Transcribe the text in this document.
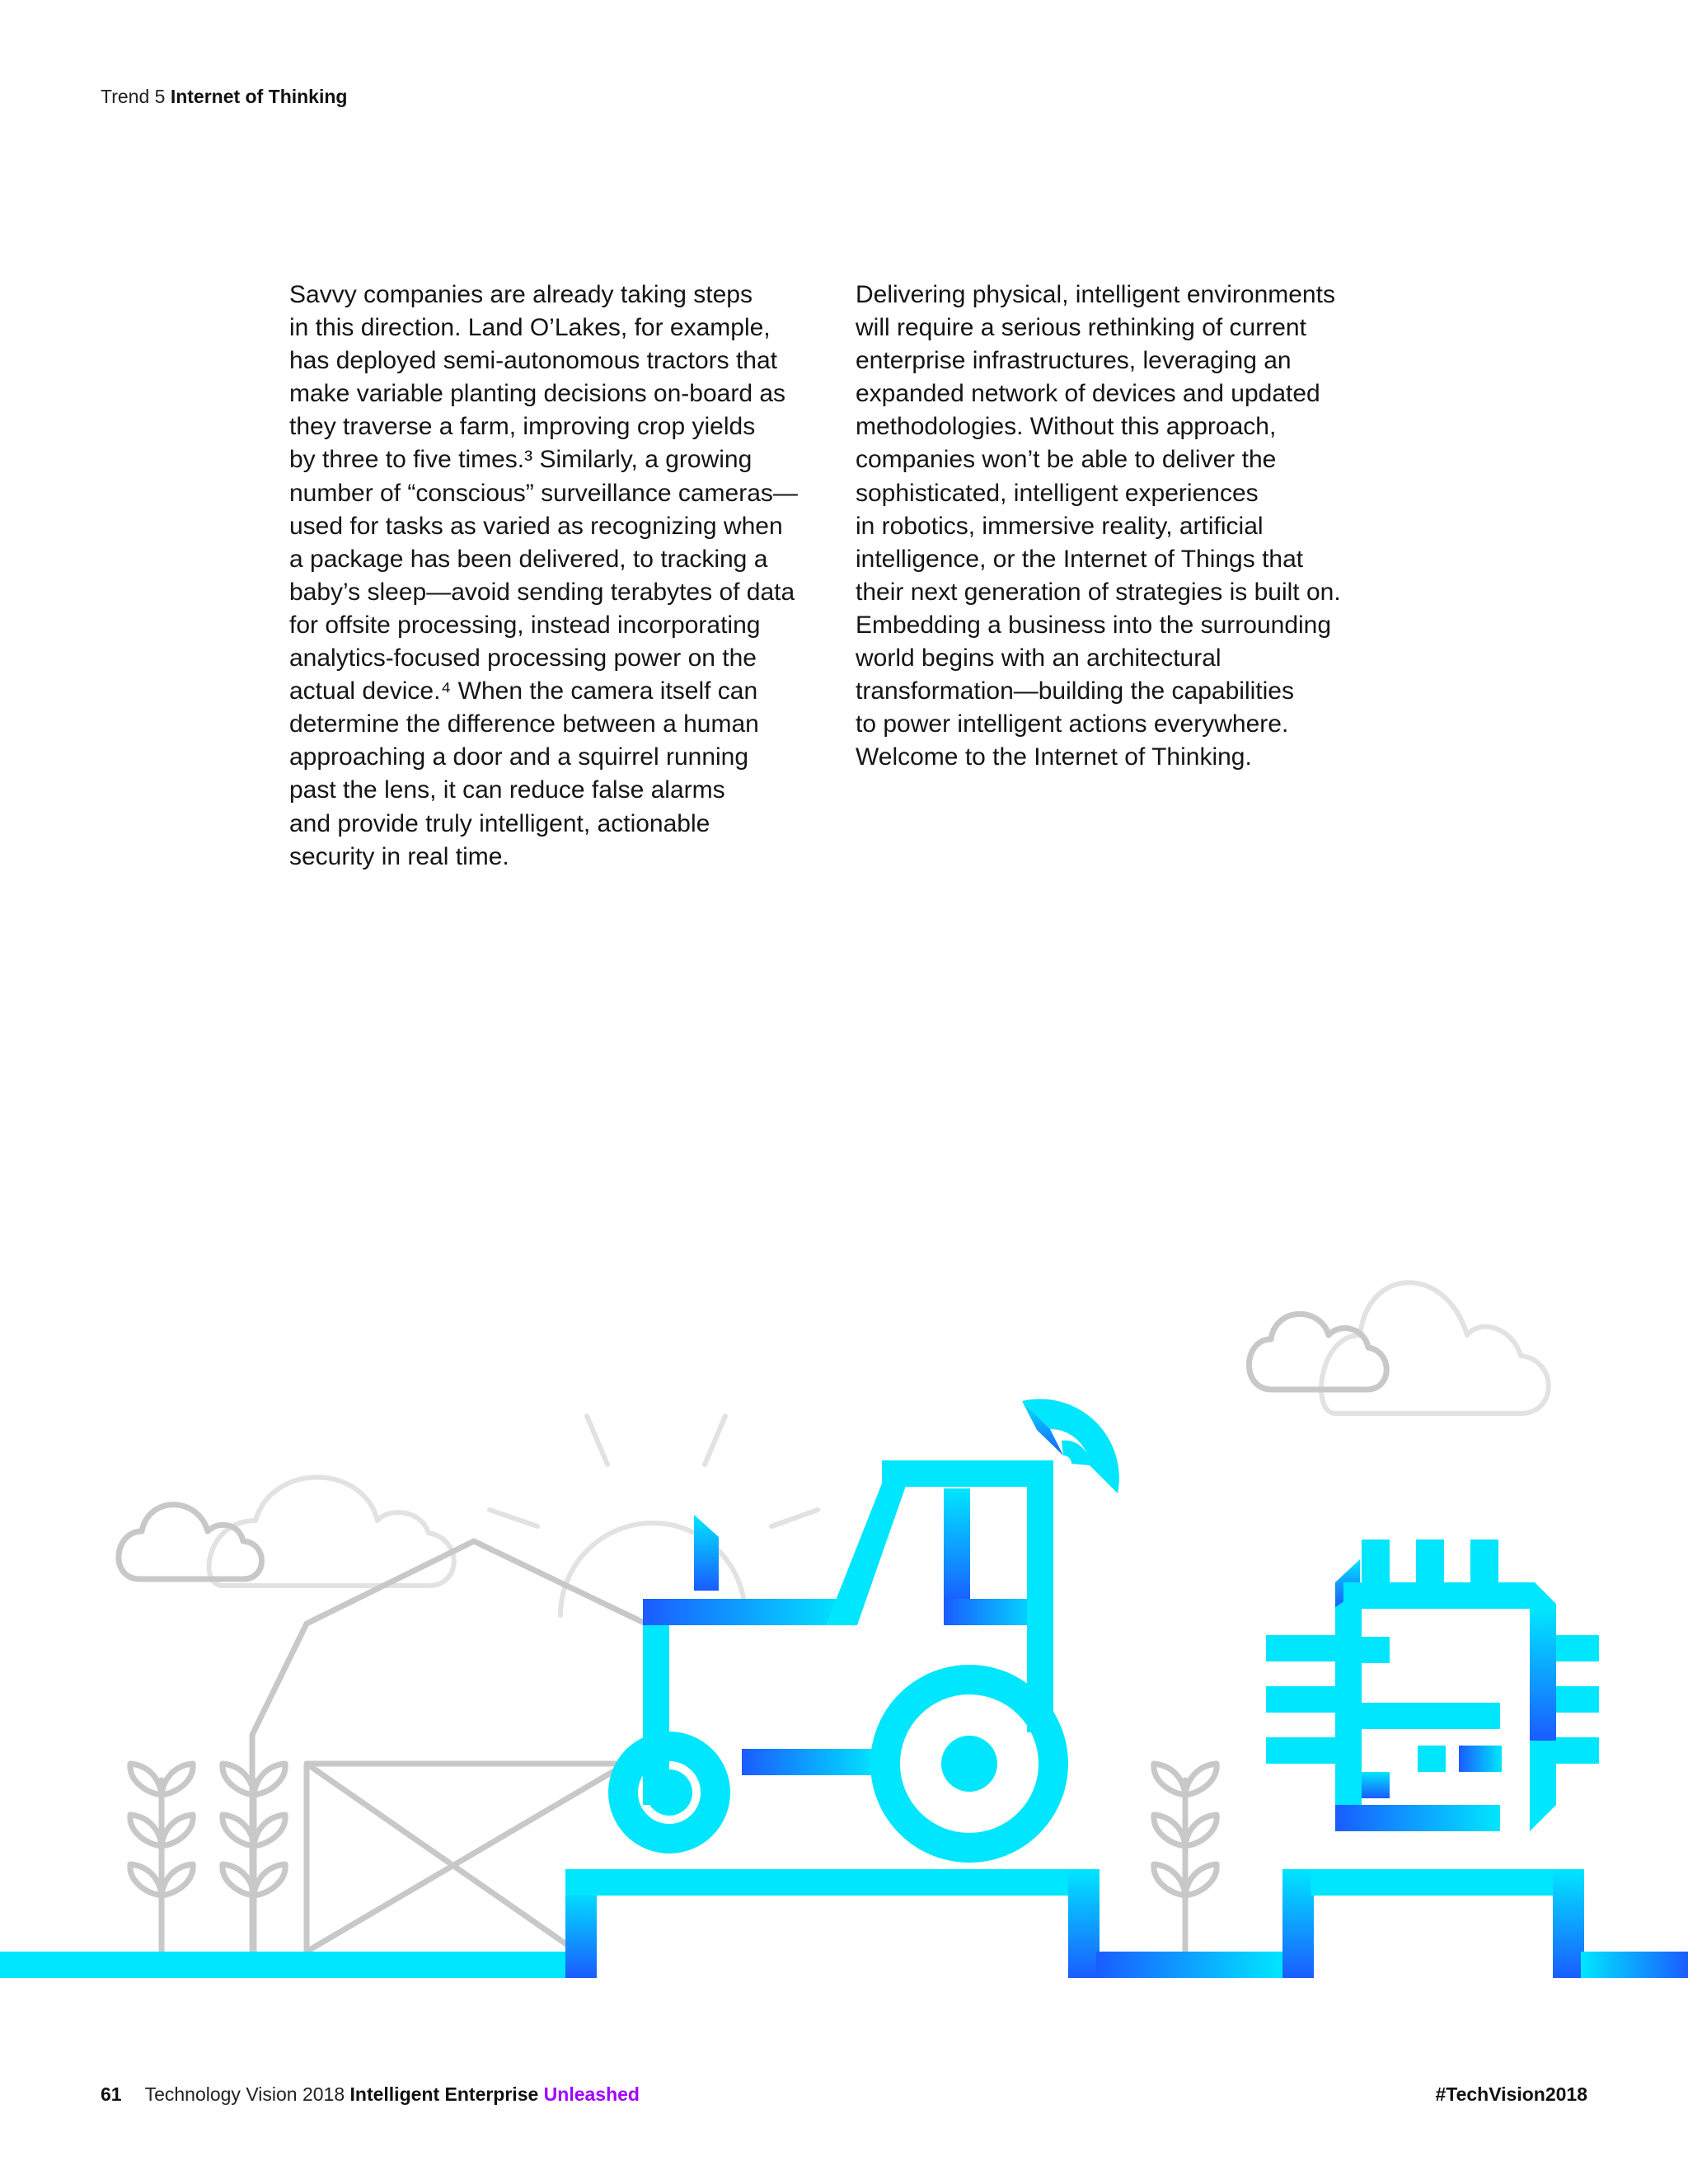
Trend 5 Internet of Thinking
Savvy companies are already taking steps
in this direction. Land O’Lakes, for example,
has deployed semi-autonomous tractors that
make variable planting decisions on-board as
they traverse a farm, improving crop yields
by three to five times.³ Similarly, a growing
number of “conscious” surveillance cameras—
used for tasks as varied as recognizing when
a package has been delivered, to tracking a
baby’s sleep—avoid sending terabytes of data
for offsite processing, instead incorporating
analytics-focused processing power on the
actual device.⁴ When the camera itself can
determine the difference between a human
approaching a door and a squirrel running
past the lens, it can reduce false alarms
and provide truly intelligent, actionable
security in real time.
Delivering physical, intelligent environments
will require a serious rethinking of current
enterprise infrastructures, leveraging an
expanded network of devices and updated
methodologies. Without this approach,
companies won’t be able to deliver the
sophisticated, intelligent experiences
in robotics, immersive reality, artificial
intelligence, or the Internet of Things that
their next generation of strategies is built on.
Embedding a business into the surrounding
world begins with an architectural
transformation—building the capabilities
to power intelligent actions everywhere.
Welcome to the Internet of Thinking.
61 Technology Vision 2018 Intelligent Enterprise Unleashed	#TechVision2018
